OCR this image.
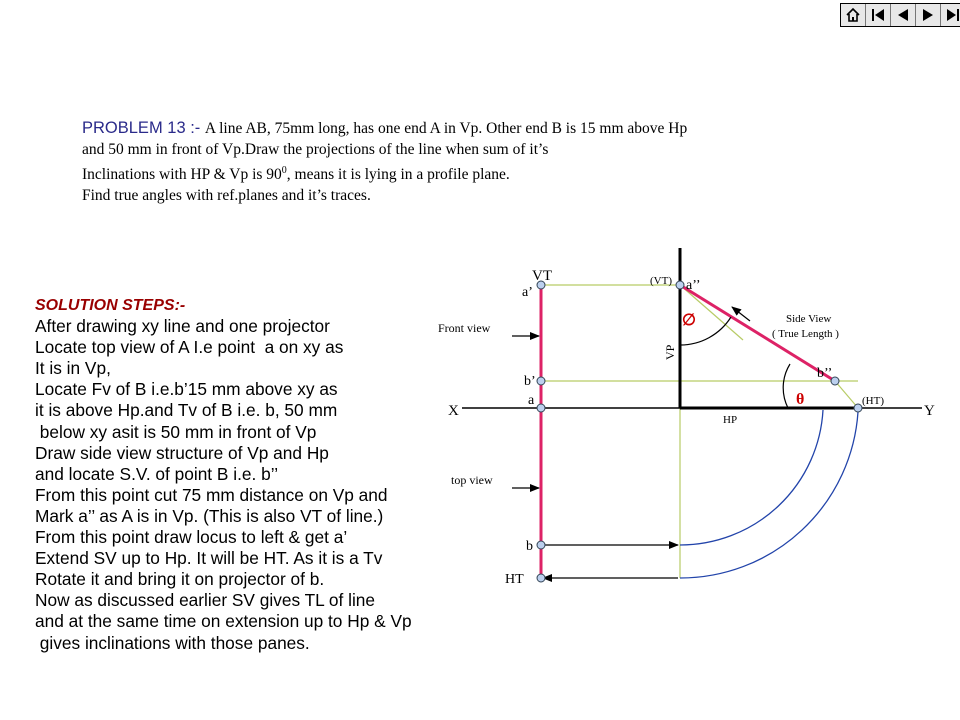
PROBLEM 13 :- A line AB, 75mm long, has one end A in Vp. Other end B is 15 mm above Hp
and 50 mm in front of Vp.Draw the projections of the line when sum of it’s
Inclinations with HP & Vp is $90^0$, means it is lying in a profile plane.
Find true angles with ref.planes and it’s traces.
SOLUTION STEPS:-
After drawing xy line and one projector
Locate top view of A I.e point  a on xy as
It is in Vp,
Locate Fv of B i.e.b’15 mm above xy as
it is above Hp.and Tv of B i.e. b, 50 mm
below xy asit is 50 mm in front of Vp
Draw side view structure of Vp and Hp
and locate S.V. of point B i.e. b’’
From this point cut 75 mm distance on Vp and
Mark a’’ as A is in Vp. (This is also VT of line.)
From this point draw locus to left & get a’
Extend SV up to Hp. It will be HT. As it is a Tv
Rotate it and bring it on projector of b.
Now as discussed earlier SV gives TL of line
and at the same time on extension up to Hp & Vp
gives inclinations with those panes.
VT
a’
b’
a
X	Y
b
HT
Front view
top view
(VT) a’’
VP
HP
∅
θ
b’’
(HT)
Side View
( True Length )
